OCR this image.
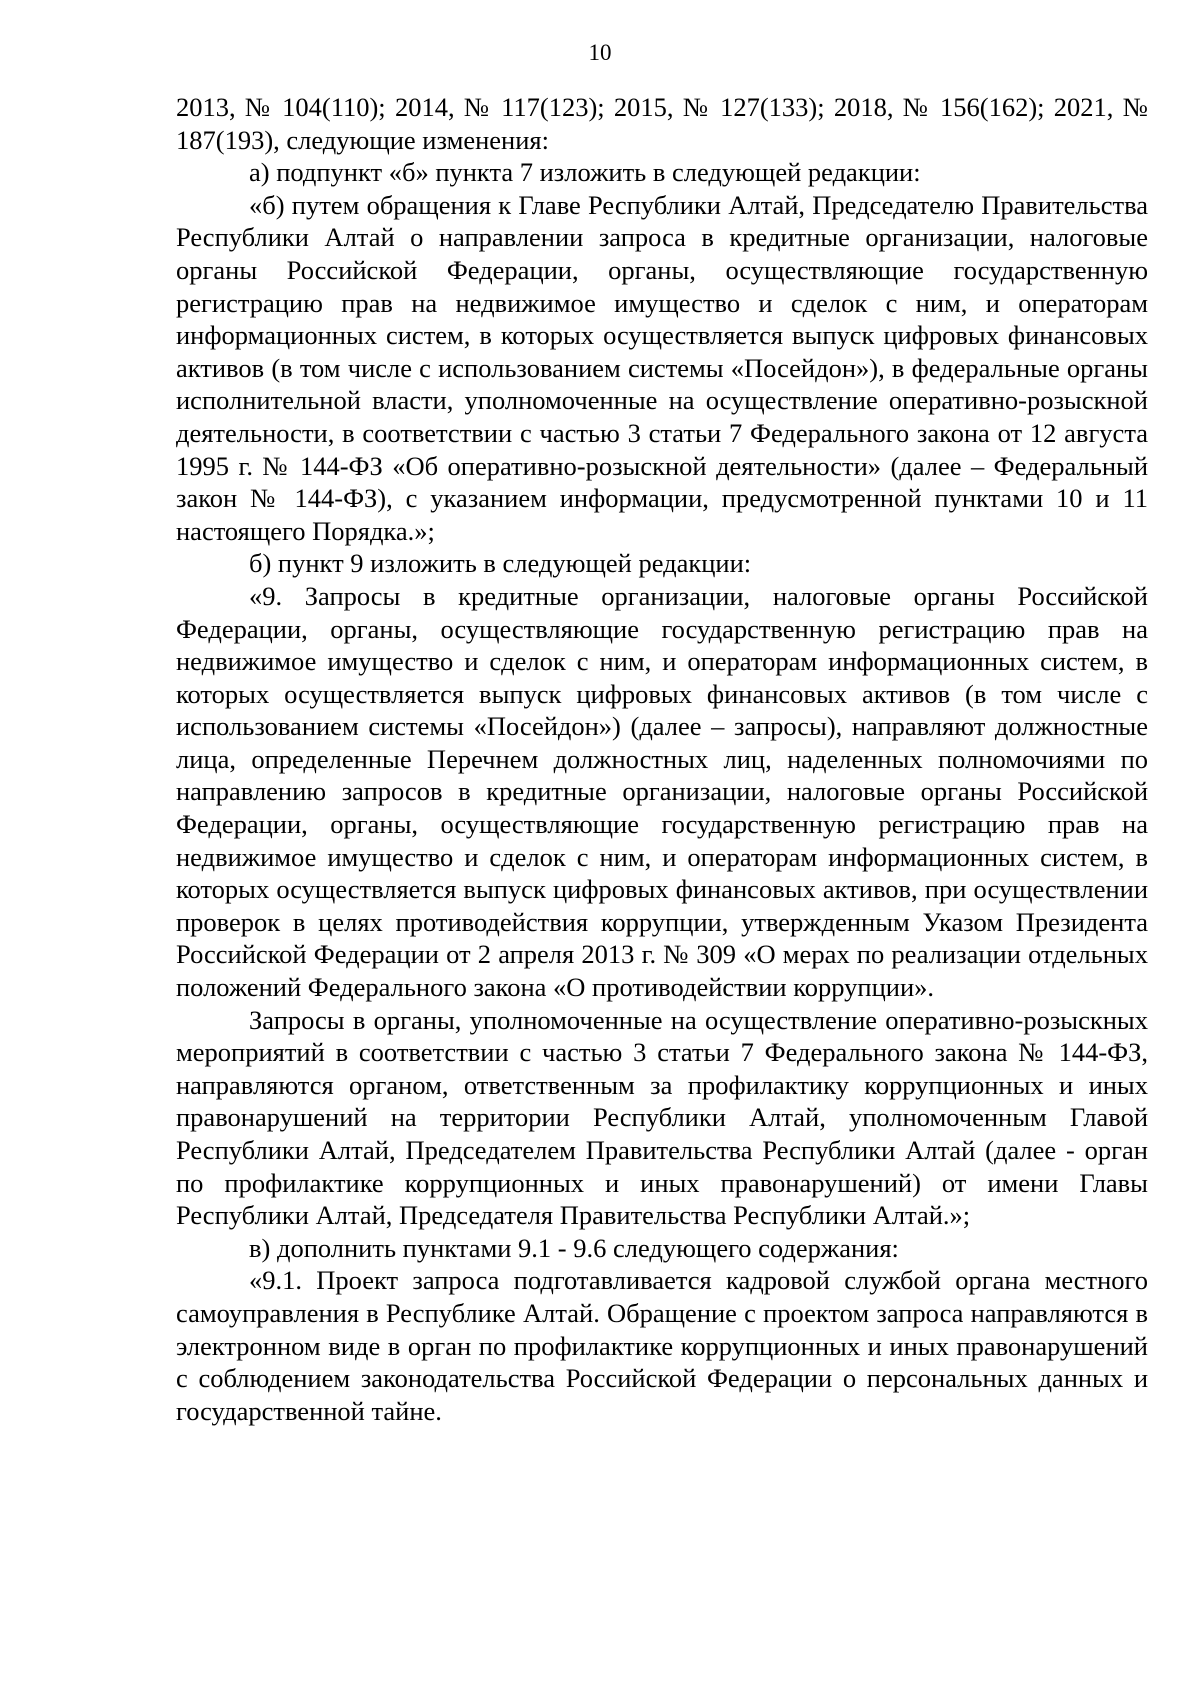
10

2013, № 104(110); 2014, № 117(123); 2015, № 127(133); 2018, № 156(162); 2021, № 187(193), следующие изменения:

а) подпункт «б» пункта 7 изложить в следующей редакции:

«б) путем обращения к Главе Республики Алтай, Председателю Правительства Республики Алтай о направлении запроса в кредитные организации, налоговые органы Российской Федерации, органы, осуществляющие государственную регистрацию прав на недвижимое имущество и сделок с ним, и операторам информационных систем, в которых осуществляется выпуск цифровых финансовых активов (в том числе с использованием системы «Посейдон»), в федеральные органы исполнительной власти, уполномоченные на осуществление оперативно-розыскной деятельности, в соответствии с частью 3 статьи 7 Федерального закона от 12 августа 1995 г. № 144-ФЗ «Об оперативно-розыскной деятельности» (далее – Федеральный закон № 144-ФЗ), с указанием информации, предусмотренной пунктами 10 и 11 настоящего Порядка.»;

б) пункт 9 изложить в следующей редакции:

«9. Запросы в кредитные организации, налоговые органы Российской Федерации, органы, осуществляющие государственную регистрацию прав на недвижимое имущество и сделок с ним, и операторам информационных систем, в которых осуществляется выпуск цифровых финансовых активов (в том числе с использованием системы «Посейдон») (далее – запросы), направляют должностные лица, определенные Перечнем должностных лиц, наделенных полномочиями по направлению запросов в кредитные организации, налоговые органы Российской Федерации, органы, осуществляющие государственную регистрацию прав на недвижимое имущество и сделок с ним, и операторам информационных систем, в которых осуществляется выпуск цифровых финансовых активов, при осуществлении проверок в целях противодействия коррупции, утвержденным Указом Президента Российской Федерации от 2 апреля 2013 г. № 309 «О мерах по реализации отдельных положений Федерального закона «О противодействии коррупции».

Запросы в органы, уполномоченные на осуществление оперативно-розыскных мероприятий в соответствии с частью 3 статьи 7 Федерального закона № 144-ФЗ, направляются органом, ответственным за профилактику коррупционных и иных правонарушений на территории Республики Алтай, уполномоченным Главой Республики Алтай, Председателем Правительства Республики Алтай (далее - орган по профилактике коррупционных и иных правонарушений) от имени Главы Республики Алтай, Председателя Правительства Республики Алтай.»;

в) дополнить пунктами 9.1 - 9.6 следующего содержания:

«9.1. Проект запроса подготавливается кадровой службой органа местного самоуправления в Республике Алтай. Обращение с проектом запроса направляются в электронном виде в орган по профилактике коррупционных и иных правонарушений с соблюдением законодательства Российской Федерации о персональных данных и государственной тайне.
